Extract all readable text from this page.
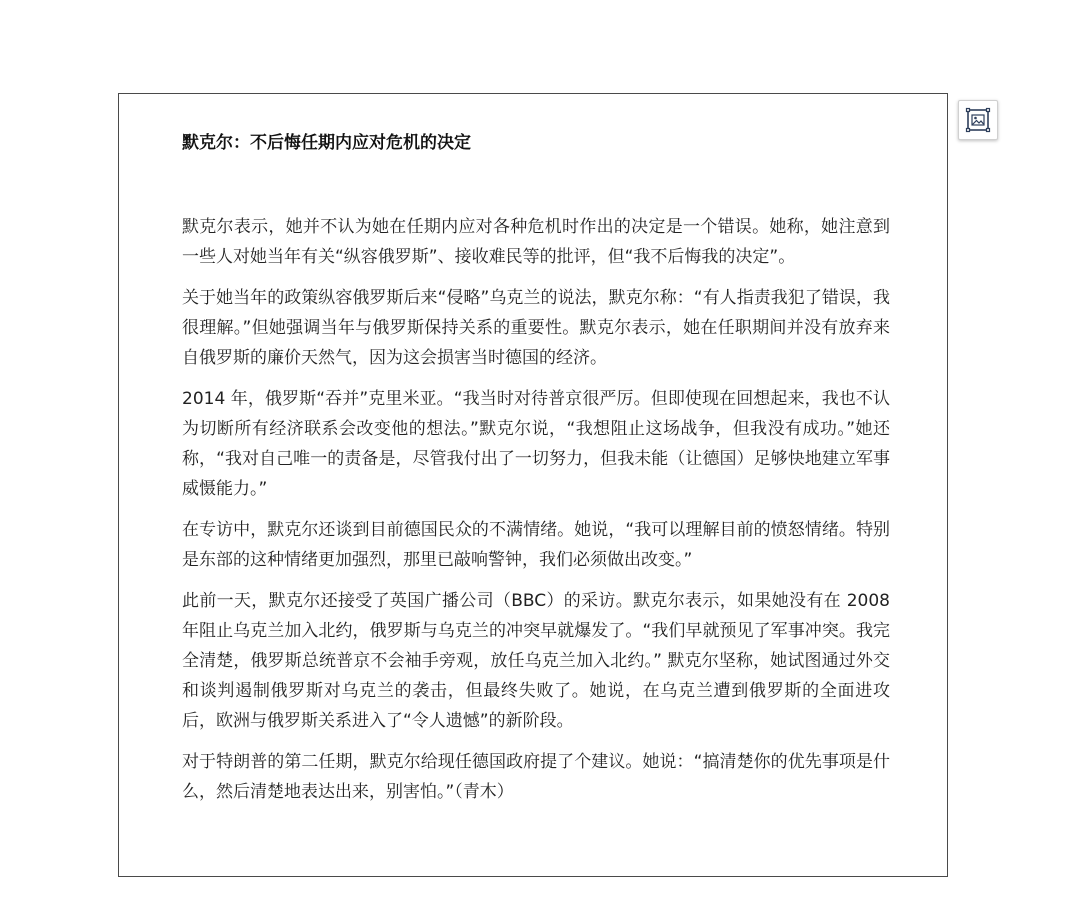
默克尔：不后悔任期内应对危机的决定

默克尔表示，她并不认为她在任期内应对各种危机时作出的决定是一个错误。她称，她注意到一些人对她当年有关“纵容俄罗斯”、接收难民等的批评，但“我不后悔我的决定”。

关于她当年的政策纵容俄罗斯后来“侵略”乌克兰的说法，默克尔称：“有人指责我犯了错误，我很理解。”但她强调当年与俄罗斯保持关系的重要性。默克尔表示，她在任职期间并没有放弃来自俄罗斯的廉价天然气，因为这会损害当时德国的经济。

2014 年，俄罗斯“吞并”克里米亚。“我当时对待普京很严厉。但即使现在回想起来，我也不认为切断所有经济联系会改变他的想法。”默克尔说，“我想阻止这场战争，但我没有成功。”她还称，“我对自己唯一的责备是，尽管我付出了一切努力，但我未能（让德国）足够快地建立军事威慑能力。”

在专访中，默克尔还谈到目前德国民众的不满情绪。她说，“我可以理解目前的愤怒情绪。特别是东部的这种情绪更加强烈，那里已敲响警钟，我们必须做出改变。”

此前一天，默克尔还接受了英国广播公司（BBC）的采访。默克尔表示，如果她没有在 2008 年阻止乌克兰加入北约，俄罗斯与乌克兰的冲突早就爆发了。“我们早就预见了军事冲突。我完全清楚，俄罗斯总统普京不会袖手旁观，放任乌克兰加入北约。” 默克尔坚称，她试图通过外交和谈判遏制俄罗斯对乌克兰的袭击，但最终失败了。她说，在乌克兰遭到俄罗斯的全面进攻后，欧洲与俄罗斯关系进入了“令人遗憾”的新阶段。

对于特朗普的第二任期，默克尔给现任德国政府提了个建议。她说：“搞清楚你的优先事项是什么，然后清楚地表达出来，别害怕。”（青木）
